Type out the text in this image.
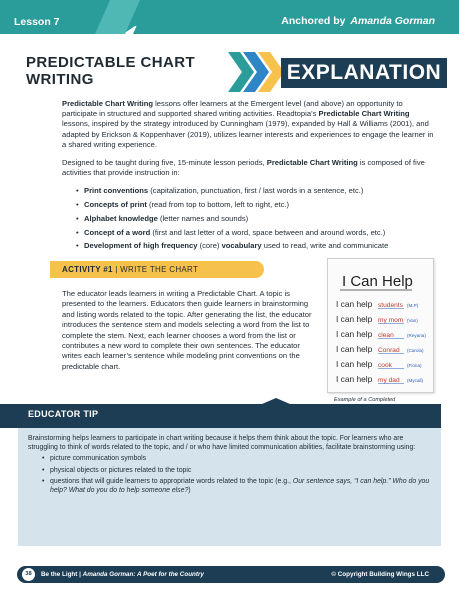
Lesson 7	Anchored by Amanda Gorman
PREDICTABLE CHART
WRITING	EXPLANATION

Predictable Chart Writing lessons offer learners at the Emergent level (and above) an opportunity to participate in structured and supported shared writing activities. Readtopia’s Predictable Chart Writing lessons, inspired by the strategy introduced by Cunningham (1979), expanded by Hall & Williams (2001), and adapted by Erickson & Koppenhaver (2019), utilizes learner interests and experiences to engage the learner in a shared writing experience.

Designed to be taught during five, 15-minute lesson periods, Predictable Chart Writing is composed of five activities that provide instruction in:

• Print conventions (capitalization, punctuation, first / last words in a sentence, etc.)
• Concepts of print (read from top to bottom, left to right, etc.)
• Alphabet knowledge (letter names and sounds)
• Concept of a word (first and last letter of a word, space between and around words, etc.)
• Development of high frequency (core) vocabulary used to read, write and communicate
ACTIVITY #1 | WRITE THE CHART
The educator leads learners in writing a Predictable Chart. A topic is presented to the learners. Educators then guide learners in brainstorming and listing words related to the topic. After generating the list, the educator introduces the sentence stem and models selecting a word from the list to complete the stem. Next, each learner chooses a word from the list or contributes a new word to complete their own sentences. The educator writes each learner’s sentence while modeling print conventions on the predictable chart.
I Can Help
I can help students (M.P)
I can help my mom (Van)
I can help clean	(Reyana)
I can help Conrad (Carola)
I can help cook	(Fiona)
I can help my dad (Mycall)
Example of a Completed
EDUCATOR TIP
Brainstorming helps learners to participate in chart writing because it helps them think about the topic. For learners who are struggling to think of words related to the topic, and / or who have limited communication abilities, facilitate brainstorming using:
• picture communication symbols
• physical objects or pictures related to the topic
• questions that will guide learners to appropriate words related to the topic (e.g., Our sentence says, “I can help.” Who do you help? What do you do to help someone else?)
38	Be the Light | Amanda Gorman: A Poet for the Country	© Copyright Building Wings LLC
